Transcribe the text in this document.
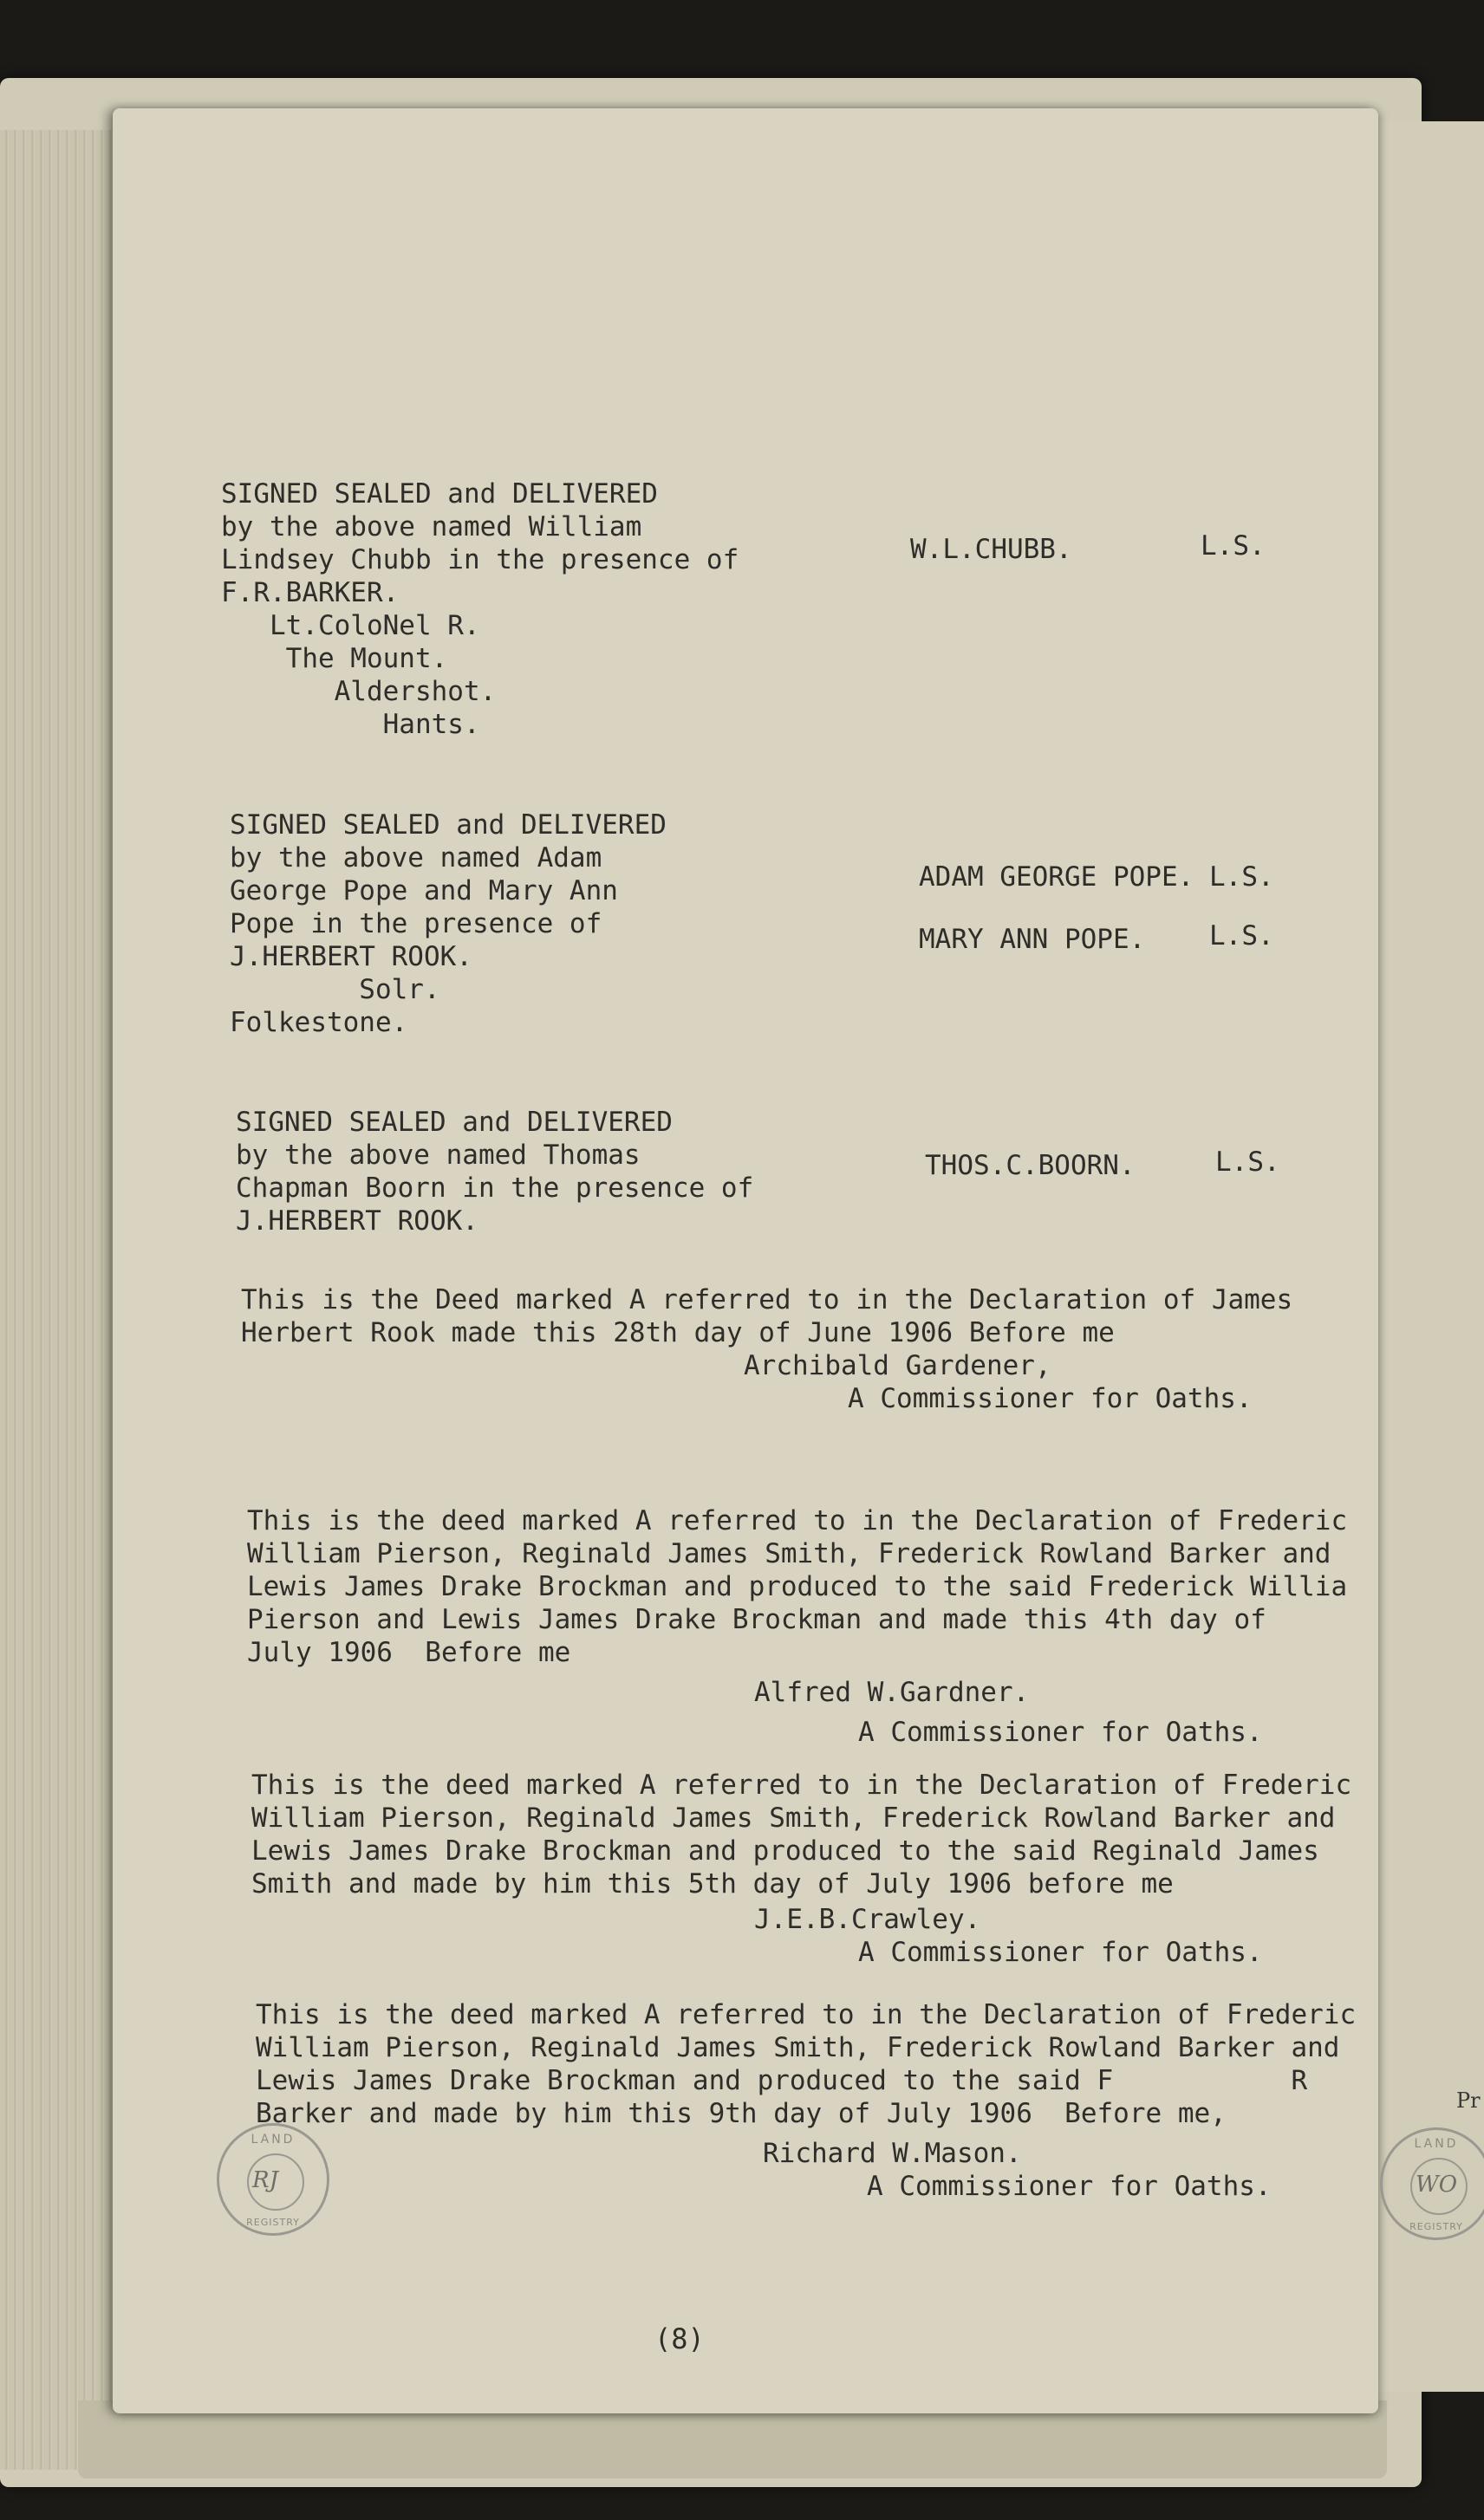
SIGNED SEALED and DELIVERED
by the above named William
Lindsey Chubb in the presence of
F.R.BARKER.
Lt.ColoNel R.
The Mount.
Aldershot.
Hants.
W.L.CHUBB.	L.S.
SIGNED SEALED and DELIVERED
by the above named Adam
George Pope and Mary Ann
Pope in the presence of
J.HERBERT ROOK.
Solr.
Folkestone.
ADAM GEORGE POPE. L.S.
MARY ANN POPE. L.S.
SIGNED SEALED and DELIVERED
by the above named Thomas
Chapman Boorn in the presence of
J.HERBERT ROOK.
THOS.C.BOORN.	L.S.
This is the Deed marked A referred to in the Declaration of James
Herbert Rook made this 28th day of June 1906 Before me
Archibald Gardener,
A Commissioner for Oaths.
This is the deed marked A referred to in the Declaration of Frederic
William Pierson, Reginald James Smith, Frederick Rowland Barker and
Lewis James Drake Brockman and produced to the said Frederick Willia
Pierson and Lewis James Drake Brockman and made this 4th day of
July 1906  Before me
Alfred W.Gardner.
A Commissioner for Oaths.
This is the deed marked A referred to in the Declaration of Frederic
William Pierson, Reginald James Smith, Frederick Rowland Barker and
Lewis James Drake Brockman and produced to the said Reginald James
Smith and made by him this 5th day of July 1906 before me
J.E.B.Crawley.
A Commissioner for Oaths.
This is the deed marked A referred to in the Declaration of Frederic
William Pierson, Reginald James Smith, Frederick Rowland Barker and
Lewis James Drake Brockman and produced to the said F           R
Barker and made by him this 9th day of July 1906  Before me,
Richard W.Mason.
A Commissioner for Oaths.
LAND
REGISTRY
RJ
(8)
LAND
REGISTRY
WO
Pr
